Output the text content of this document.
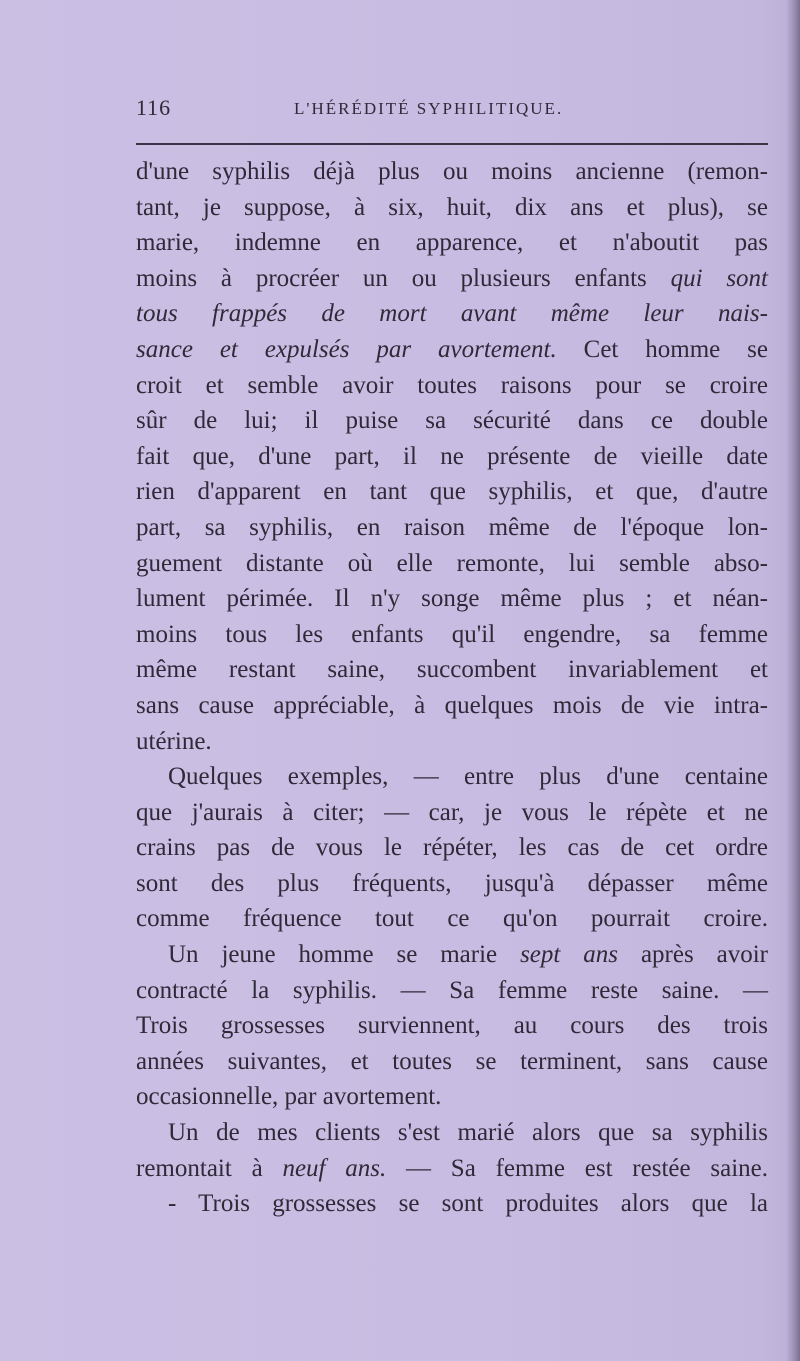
116	L'HÉRÉDITÉ SYPHILITIQUE.
d'une syphilis déjà plus ou moins ancienne (remon-
tant, je suppose, à six, huit, dix ans et plus), se
marie, indemne en apparence, et n'aboutit pas
moins à procréer un ou plusieurs enfants qui sont
tous frappés de mort avant même leur nais-
sance et expulsés par avortement. Cet homme se
croit et semble avoir toutes raisons pour se croire
sûr de lui; il puise sa sécurité dans ce double
fait que, d'une part, il ne présente de vieille date
rien d'apparent en tant que syphilis, et que, d'autre
part, sa syphilis, en raison même de l'époque lon-
guement distante où elle remonte, lui semble abso-
lument périmée. Il n'y songe même plus ; et néan-
moins tous les enfants qu'il engendre, sa femme
même restant saine, succombent invariablement et
sans cause appréciable, à quelques mois de vie intra-
utérine.
Quelques exemples, — entre plus d'une centaine
que j'aurais à citer; — car, je vous le répète et ne
crains pas de vous le répéter, les cas de cet ordre
sont des plus fréquents, jusqu'à dépasser même
comme fréquence tout ce qu'on pourrait croire.
Un jeune homme se marie sept ans après avoir
contracté la syphilis. — Sa femme reste saine. —
Trois grossesses surviennent, au cours des trois
années suivantes, et toutes se terminent, sans cause
occasionnelle, par avortement.
Un de mes clients s'est marié alors que sa syphilis
remontait à neuf ans. — Sa femme est restée saine.
- Trois grossesses se sont produites alors que la
